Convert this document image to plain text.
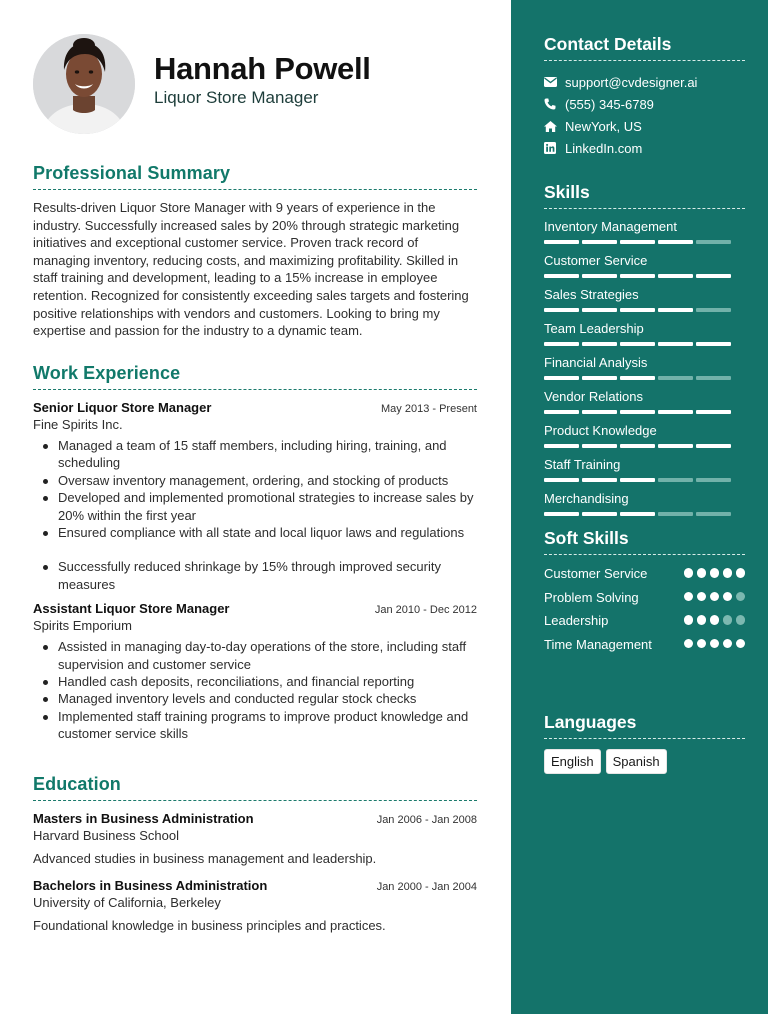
Hannah Powell
Liquor Store Manager
Professional Summary
Results-driven Liquor Store Manager with 9 years of experience in the industry. Successfully increased sales by 20% through strategic marketing initiatives and exceptional customer service. Proven track record of managing inventory, reducing costs, and maximizing profitability. Skilled in staff training and development, leading to a 15% increase in employee retention. Recognized for consistently exceeding sales targets and fostering positive relationships with vendors and customers. Looking to bring my expertise and passion for the industry to a dynamic team.
Work Experience
Senior Liquor Store Manager	May 2013 - Present
Fine Spirits Inc.
Managed a team of 15 staff members, including hiring, training, and scheduling
Oversaw inventory management, ordering, and stocking of products
Developed and implemented promotional strategies to increase sales by 20% within the first year
Ensured compliance with all state and local liquor laws and regulations
Successfully reduced shrinkage by 15% through improved security measures
Assistant Liquor Store Manager	Jan 2010 - Dec 2012
Spirits Emporium
Assisted in managing day-to-day operations of the store, including staff supervision and customer service
Handled cash deposits, reconciliations, and financial reporting
Managed inventory levels and conducted regular stock checks
Implemented staff training programs to improve product knowledge and customer service skills
Education
Masters in Business Administration	Jan 2006 - Jan 2008
Harvard Business School
Advanced studies in business management and leadership.
Bachelors in Business Administration	Jan 2000 - Jan 2004
University of California, Berkeley
Foundational knowledge in business principles and practices.
Contact Details
support@cvdesigner.ai
(555) 345-6789
NewYork, US
LinkedIn.com
Skills
Inventory Management
Customer Service
Sales Strategies
Team Leadership
Financial Analysis
Vendor Relations
Product Knowledge
Staff Training
Merchandising
Soft Skills
Customer Service
Problem Solving
Leadership
Time Management
Languages
English	Spanish
